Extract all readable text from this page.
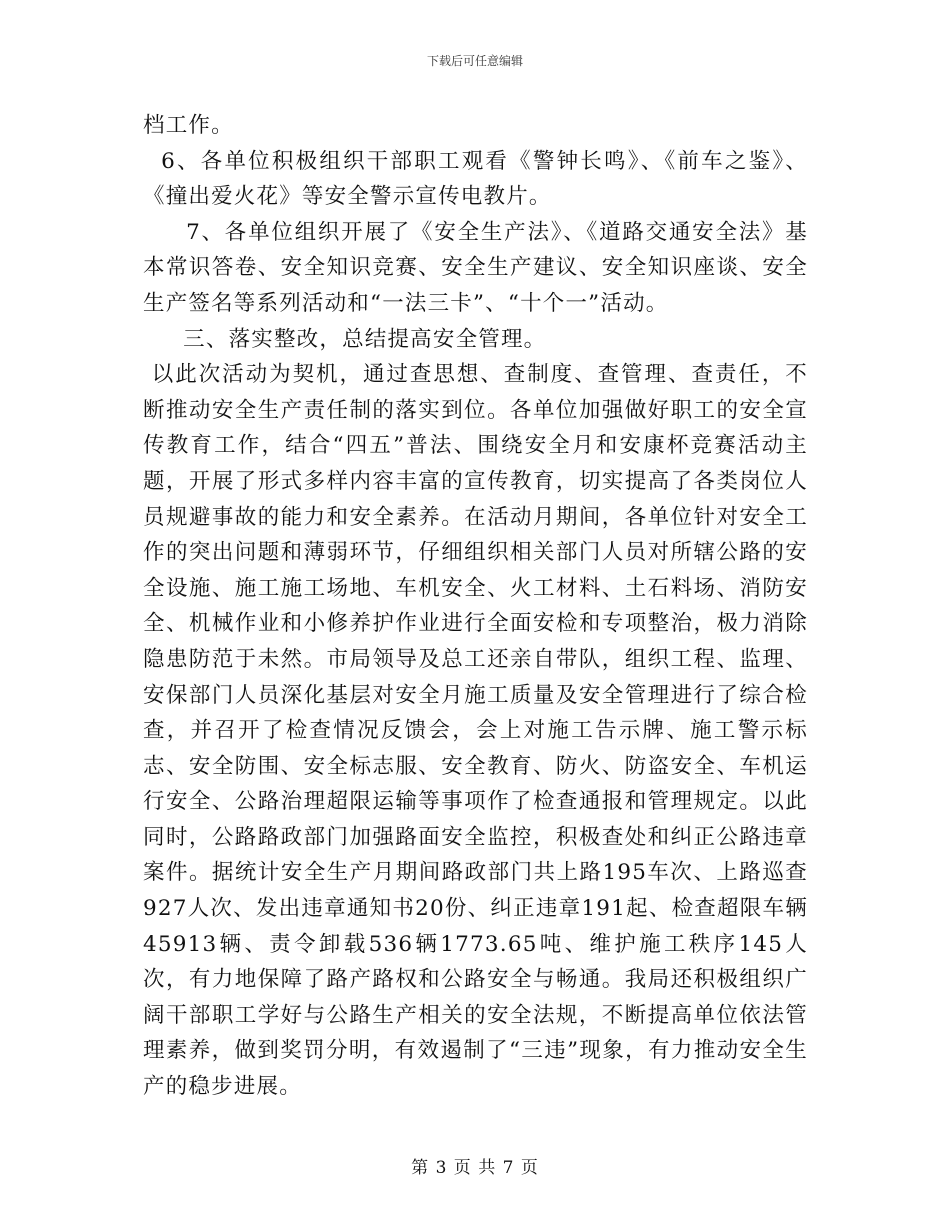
下载后可任意编辑

档工作。

6、各单位积极组织干部职工观看《警钟长鸣》、《前车之鉴》、《撞出爱火花》等安全警示宣传电教片。

7、各单位组织开展了《安全生产法》、《道路交通安全法》基本常识答卷、安全知识竞赛、安全生产建议、安全知识座谈、安全生产签名等系列活动和“一法三卡”、“十个一”活动。

三、落实整改，总结提高安全管理。

以此次活动为契机，通过查思想、查制度、查管理、查责任，不断推动安全生产责任制的落实到位。各单位加强做好职工的安全宣传教育工作，结合“四五”普法、围绕安全月和安康杯竞赛活动主题，开展了形式多样内容丰富的宣传教育，切实提高了各类岗位人员规避事故的能力和安全素养。在活动月期间，各单位针对安全工作的突出问题和薄弱环节，仔细组织相关部门人员对所辖公路的安全设施、施工施工场地、车机安全、火工材料、土石料场、消防安全、机械作业和小修养护作业进行全面安检和专项整治，极力消除隐患防范于未然。市局领导及总工还亲自带队，组织工程、监理、安保部门人员深化基层对安全月施工质量及安全管理进行了综合检查，并召开了检查情况反馈会，会上对施工告示牌、施工警示标志、安全防围、安全标志服、安全教育、防火、防盗安全、车机运行安全、公路治理超限运输等事项作了检查通报和管理规定。以此同时，公路路政部门加强路面安全监控，积极查处和纠正公路违章案件。据统计安全生产月期间路政部门共上路195车次、上路巡查927人次、发出违章通知书20份、纠正违章191起、检查超限车辆45913辆、责令卸载536辆1773.65吨、维护施工秩序145人次，有力地保障了路产路权和公路安全与畅通。我局还积极组织广阔干部职工学好与公路生产相关的安全法规，不断提高单位依法管理素养，做到奖罚分明，有效遏制了“三违”现象，有力推动安全生产的稳步进展。

第 3 页 共 7 页
